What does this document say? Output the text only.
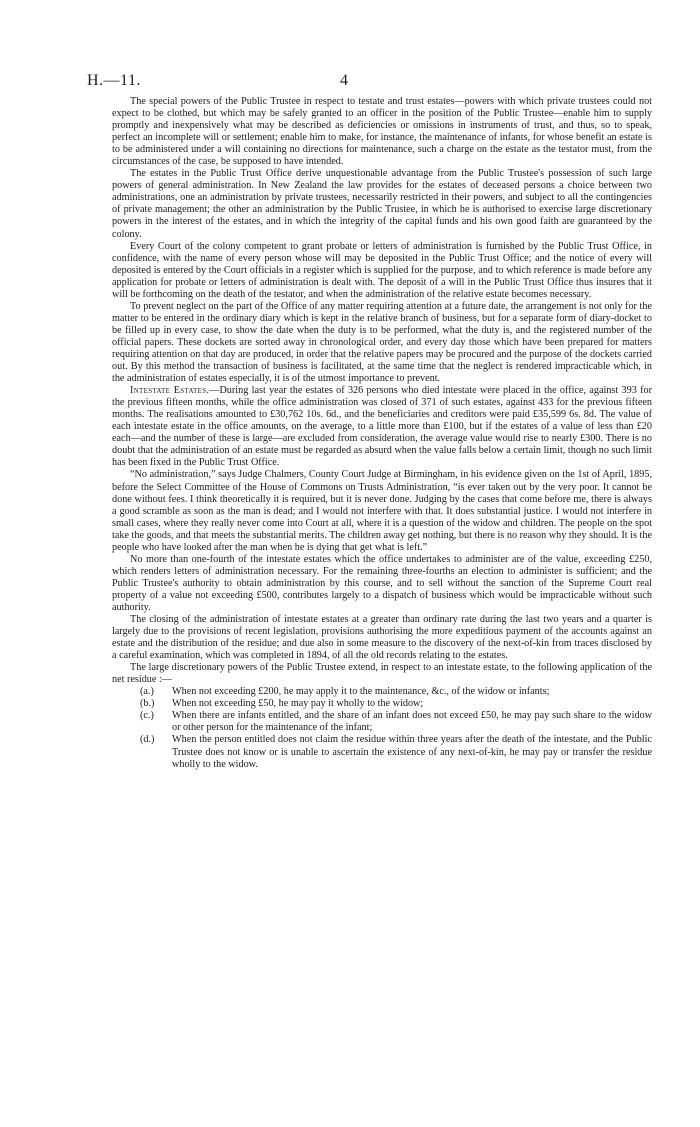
H.—11.	4

The special powers of the Public Trustee in respect to testate and trust estates—powers with which private trustees could not expect to be clothed, but which may be safely granted to an officer in the position of the Public Trustee—enable him to supply promptly and inexpensively what may be described as deficiencies or omissions in instruments of trust, and thus, so to speak, perfect an incomplete will or settlement; enable him to make, for instance, the maintenance of infants, for whose benefit an estate is to be administered under a will containing no directions for maintenance, such a charge on the estate as the testator must, from the circumstances of the case, be supposed to have intended.

The estates in the Public Trust Office derive unquestionable advantage from the Public Trustee's possession of such large powers of general administration. In New Zealand the law provides for the estates of deceased persons a choice between two administrations, one an administration by private trustees, necessarily restricted in their powers, and subject to all the contingencies of private management; the other an administration by the Public Trustee, in which he is authorised to exercise large discretionary powers in the interest of the estates, and in which the integrity of the capital funds and his own good faith are guaranteed by the colony.

Every Court of the colony competent to grant probate or letters of administration is furnished by the Public Trust Office, in confidence, with the name of every person whose will may be deposited in the Public Trust Office; and the notice of every will deposited is entered by the Court officials in a register which is supplied for the purpose, and to which reference is made before any application for probate or letters of administration is dealt with. The deposit of a will in the Public Trust Office thus insures that it will be forthcoming on the death of the testator, and when the administration of the relative estate becomes necessary.

To prevent neglect on the part of the Office of any matter requiring attention at a future date, the arrangement is not only for the matter to be entered in the ordinary diary which is kept in the relative branch of business, but for a separate form of diary-docket to be filled up in every case, to show the date when the duty is to be performed, what the duty is, and the registered number of the official papers. These dockets are sorted away in chronological order, and every day those which have been prepared for matters requiring attention on that day are produced, in order that the relative papers may be procured and the purpose of the dockets carried out. By this method the transaction of business is facilitated, at the same time that the neglect is rendered impracticable which, in the administration of estates especially, it is of the utmost importance to prevent.

Intestate Estates.—During last year the estates of 326 persons who died intestate were placed in the office, against 393 for the previous fifteen months, while the office administration was closed of 371 of such estates, against 433 for the previous fifteen months. The realisations amounted to £30,762 10s. 6d., and the beneficiaries and creditors were paid £35,599 6s. 8d. The value of each intestate estate in the office amounts, on the average, to a little more than £100, but if the estates of a value of less than £20 each—and the number of these is large—are excluded from consideration, the average value would rise to nearly £300. There is no doubt that the administration of an estate must be regarded as absurd when the value falls below a certain limit, though no such limit has been fixed in the Public Trust Office.

“No administration,” says Judge Chalmers, County Court Judge at Birmingham, in his evidence given on the 1st of April, 1895, before the Select Committee of the House of Commons on Trusts Administration, “is ever taken out by the very poor. It cannot be done without fees. I think theoretically it is required, but it is never done. Judging by the cases that come before me, there is always a good scramble as soon as the man is dead; and I would not interfere with that. It does substantial justice. I would not interfere in small cases, where they really never come into Court at all, where it is a question of the widow and children. The people on the spot take the goods, and that meets the substantial merits. The children away get nothing, but there is no reason why they should. It is the people who have looked after the man when he is dying that get what is left.”

No more than one-fourth of the intestate estates which the office undertakes to administer are of the value, exceeding £250, which renders letters of administration necessary. For the remaining three-fourths an election to administer is sufficient; and the Public Trustee's authority to obtain administration by this course, and to sell without the sanction of the Supreme Court real property of a value not exceeding £500, contributes largely to a dispatch of business which would be impracticable without such authority.

The closing of the administration of intestate estates at a greater than ordinary rate during the last two years and a quarter is largely due to the provisions of recent legislation, provisions authorising the more expeditious payment of the accounts against an estate and the distribution of the residue; and due also in some measure to the discovery of the next-of-kin from traces disclosed by a careful examination, which was completed in 1894, of all the old records relating to the estates.

The large discretionary powers of the Public Trustee extend, in respect to an intestate estate, to the following application of the net residue :—

(a.) When not exceeding £200, he may apply it to the maintenance, &c., of the widow or infants;
(b.) When not exceeding £50, he may pay it wholly to the widow;
(c.) When there are infants entitled, and the share of an infant does not exceed £50, he may pay such share to the widow or other person for the maintenance of the infant;
(d.) When the person entitled does not claim the residue within three years after the death of the intestate, and the Public Trustee does not know or is unable to ascertain the existence of any next-of-kin, he may pay or transfer the residue wholly to the widow.
